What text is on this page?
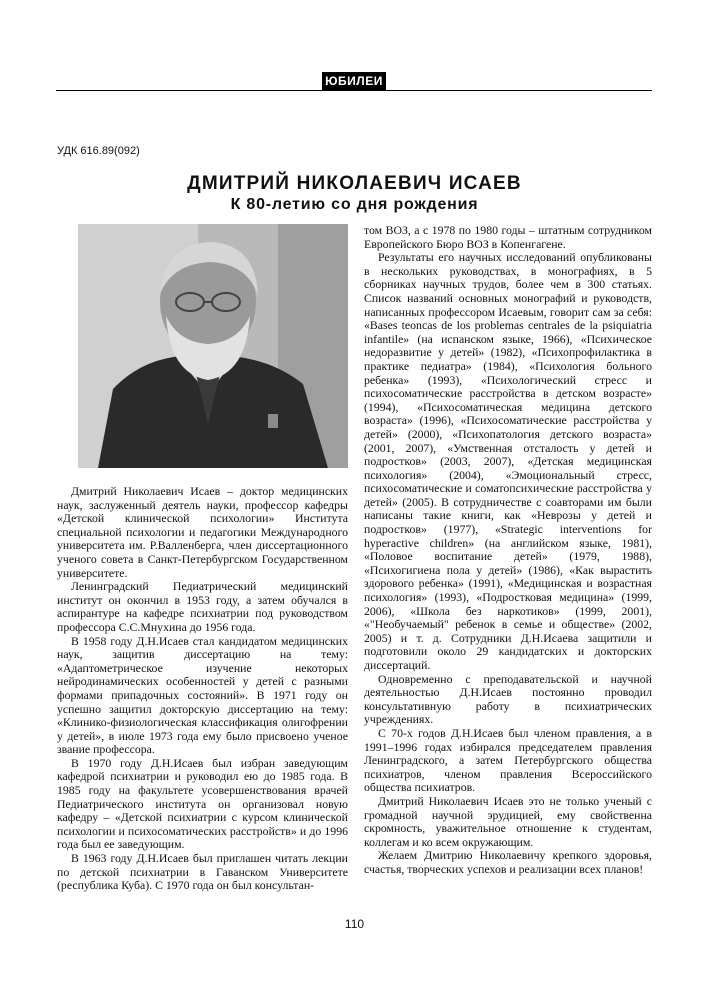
ЮБИЛЕИ
УДК 616.89(092)
ДМИТРИЙ НИКОЛАЕВИЧ ИСАЕВ
К 80-летию со дня рождения

Дмитрий Николаевич Исаев – доктор медицинских наук, заслуженный деятель науки, профессор кафедры «Детской клинической психологии» Института специальной психологии и педагогики Международного университета им. Р.Валленберга, член диссертационного ученого совета в Санкт-Петербургском Государственном университете.

Ленинградский Педиатрический медицинский институт он окончил в 1953 году, а затем обучался в аспирантуре на кафедре психиатрии под руководством профессора С.С.Мнухина до 1956 года.

В 1958 году Д.Н.Исаев стал кандидатом медицинских наук, защитив диссертацию на тему: «Адаптометрическое изучение некоторых нейродинамических особенностей у детей с разными формами припадочных состояний». В 1971 году он успешно защитил докторскую диссертацию на тему: «Клинико-физиологическая классификация олигофрении у детей», в июле 1973 года ему было присвоено ученое звание профессора.

В 1970 году Д.Н.Исаев был избран заведующим кафедрой психиатрии и руководил ею до 1985 года. В 1985 году на факультете усовершенствования врачей Педиатрического института он организовал новую кафедру – «Детской психиатрии с курсом клинической психологии и психосоматических расстройств» и до 1996 года был ее заведующим.

В 1963 году Д.Н.Исаев был приглашен читать лекции по детской психиатрии в Гаванском Университете (республика Куба). С 1970 года он был консультан-

том ВОЗ, а с 1978 по 1980 годы – штатным сотрудником Европейского Бюро ВОЗ в Копенгагене.

Результаты его научных исследований опубликованы в нескольких руководствах, в монографиях, в 5 сборниках научных трудов, более чем в 300 статьях. Список названий основных монографий и руководств, написанных профессором Исаевым, говорит сам за себя: «Bases teoncas de los problemas centrales de la psiquiatria infantile» (на испанском языке, 1966), «Психическое недоразвитие у детей» (1982), «Психопрофилактика в практике педиатра» (1984), «Психология больного ребенка» (1993), «Психологический стресс и психосоматические расстройства в детском возрасте» (1994), «Психосоматическая медицина детского возраста» (1996), «Психосоматические расстройства у детей» (2000), «Психопатология детского возраста» (2001, 2007), «Умственная отсталость у детей и подростков» (2003, 2007), «Детская медицинская психология» (2004), «Эмоциональный стресс, психосоматические и соматопсихические расстройства у детей» (2005). В сотрудничестве с соавторами им были написаны такие книги, как «Неврозы у детей и подростков» (1977), «Strategic interventions for hyperactive children» (на английском языке, 1981), «Половое воспитание детей» (1979, 1988), «Психогигиена пола у детей» (1986), «Как вырастить здорового ребенка» (1991), «Медицинская и возрастная психология» (1993), «Подростковая медицина» (1999, 2006), «Школа без наркотиков» (1999, 2001), «"Необучаемый" ребенок в семье и обществе» (2002, 2005) и т. д. Сотрудники Д.Н.Исаева защитили и подготовили около 29 кандидатских и докторских диссертаций.

Одновременно с преподавательской и научной деятельностью Д.Н.Исаев постоянно проводил консультативную работу в психиатрических учреждениях.

С 70-х годов Д.Н.Исаев был членом правления, а в 1991–1996 годах избирался председателем правления Ленинградского, а затем Петербургского общества психиатров, членом правления Всероссийского общества психиатров.

Дмитрий Николаевич Исаев это не только ученый с громадной научной эрудицией, ему свойственна скромность, уважительное отношение к студентам, коллегам и ко всем окружающим.

Желаем Дмитрию Николаевичу крепкого здоровья, счастья, творческих успехов и реализации всех планов!

110
